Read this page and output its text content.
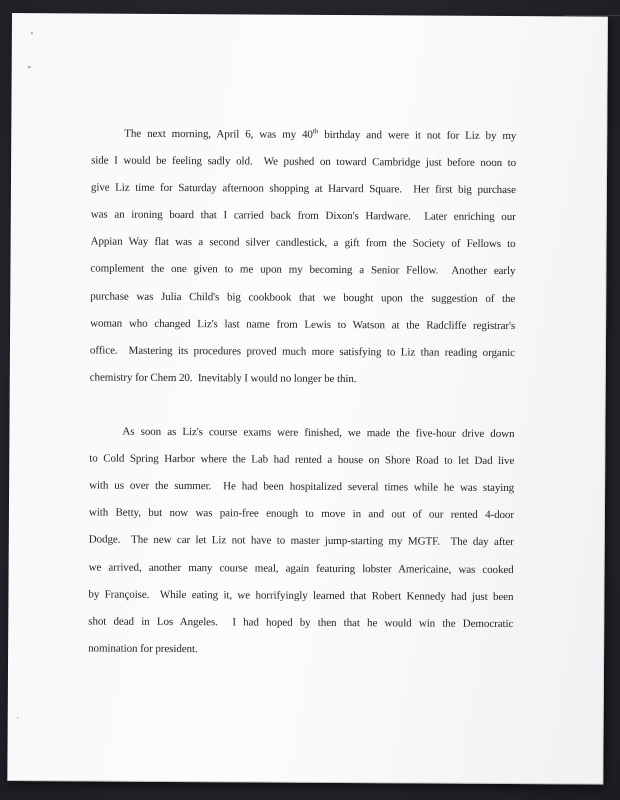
The next morning, April 6, was my 40th birthday and were it not for Liz by my
side I would be feeling sadly old.  We pushed on toward Cambridge just before noon to
give Liz time for Saturday afternoon shopping at Harvard Square.  Her first big purchase
was an ironing board that I carried back from Dixon's Hardware.  Later enriching our
Appian Way flat was a second silver candlestick, a gift from the Society of Fellows to
complement the one given to me upon my becoming a Senior Fellow.  Another early
purchase was Julia Child's big cookbook that we bought upon the suggestion of the
woman who changed Liz's last name from Lewis to Watson at the Radcliffe registrar's
office.  Mastering its procedures proved much more satisfying to Liz than reading organic
chemistry for Chem 20.  Inevitably I would no longer be thin.
As soon as Liz's course exams were finished, we made the five-hour drive down
to Cold Spring Harbor where the Lab had rented a house on Shore Road to let Dad live
with us over the summer.  He had been hospitalized several times while he was staying
with Betty, but now was pain-free enough to move in and out of our rented 4-door
Dodge.  The new car let Liz not have to master jump-starting my MGTF.  The day after
we arrived, another many course meal, again featuring lobster Americaine, was cooked
by Françoise.  While eating it, we horrifyingly learned that Robert Kennedy had just been
shot dead in Los Angeles.  I had hoped by then that he would win the Democratic
nomination for president.
